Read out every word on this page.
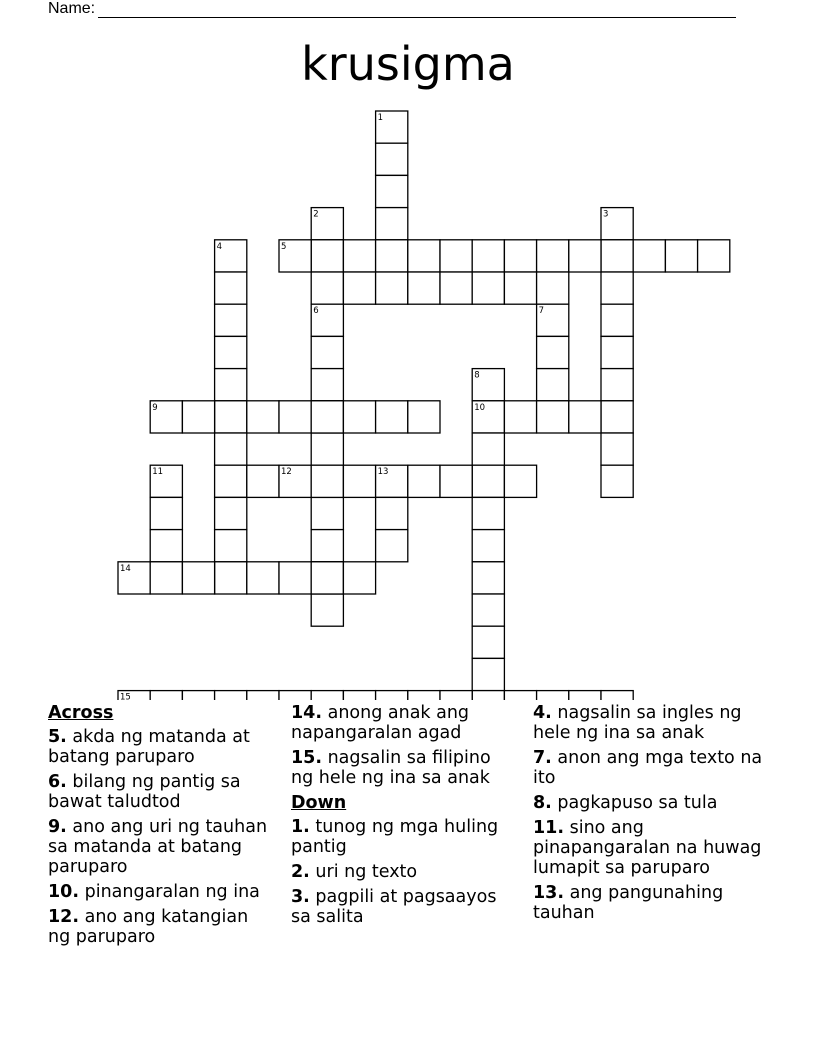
Name:
krusigma
1
2	3
4	5
6	7
8
9	10
11	12	13
14
15
Across
5. akda ng matanda at batang paruparo
6. bilang ng pantig sa bawat taludtod
9. ano ang uri ng tauhan sa matanda at batang paruparo
10. pinangaralan ng ina
12. ano ang katangian ng paruparo
14. anong anak ang napangaralan agad
15. nagsalin sa filipino ng hele ng ina sa anak
Down
1. tunog ng mga huling pantig
2. uri ng texto
3. pagpili at pagsaayos sa salita
4. nagsalin sa ingles ng hele ng ina sa anak
7. anon ang mga texto na ito
8. pagkapuso sa tula
11. sino ang pinapangaralan na huwag lumapit sa paruparo
13. ang pangunahing tauhan
